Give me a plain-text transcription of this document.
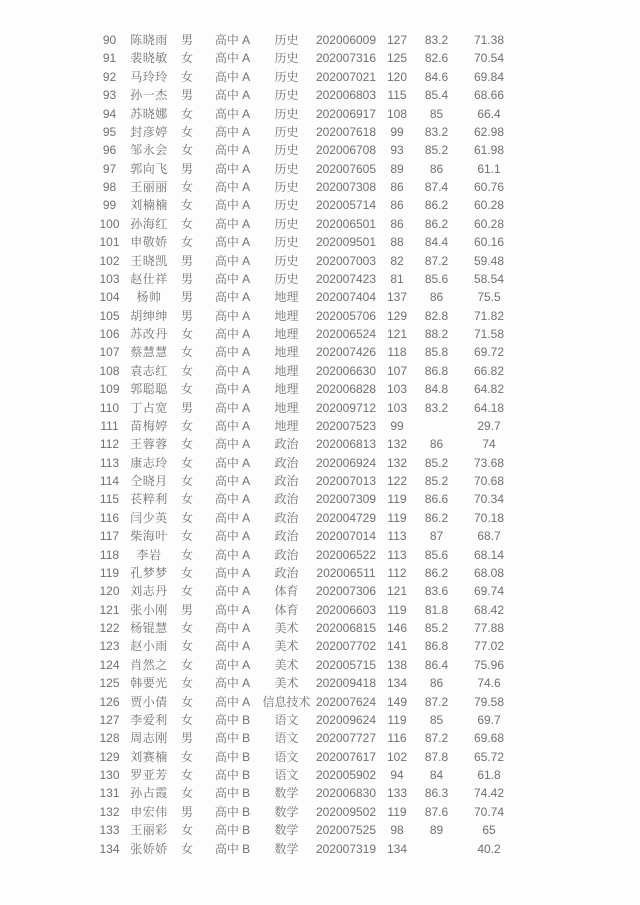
90	陈晓雨	男	高中 A	历史	202006009	127	83.2	71.38
91	裴晓敏	女	高中 A	历史	202007316	125	82.6	70.54
92	马玲玲	女	高中 A	历史	202007021	120	84.6	69.84
93	孙一杰	男	高中 A	历史	202006803	115	85.4	68.66
94	苏晓娜	女	高中 A	历史	202006917	108	85	66.4
95	封彦婷	女	高中 A	历史	202007618	99	83.2	62.98
96	邹永会	女	高中 A	历史	202006708	93	85.2	61.98
97	郭向飞	男	高中 A	历史	202007605	89	86	61.1
98	王丽丽	女	高中 A	历史	202007308	86	87.4	60.76
99	刘楠楠	女	高中 A	历史	202005714	86	86.2	60.28
100	孙海红	女	高中 A	历史	202006501	86	86.2	60.28
101	申敬娇	女	高中 A	历史	202009501	88	84.4	60.16
102	王晓凯	男	高中 A	历史	202007003	82	87.2	59.48
103	赵仕祥	男	高中 A	历史	202007423	81	85.6	58.54
104	杨帅	男	高中 A	地理	202007404	137	86	75.5
105	胡绅绅	男	高中 A	地理	202005706	129	82.8	71.82
106	苏改丹	女	高中 A	地理	202006524	121	88.2	71.58
107	蔡慧慧	女	高中 A	地理	202007426	118	85.8	69.72
108	袁志红	女	高中 A	地理	202006630	107	86.8	66.82
109	郭聪聪	女	高中 A	地理	202006828	103	84.8	64.82
110	丁占宽	男	高中 A	地理	202009712	103	83.2	64.18
111	苗梅婷	女	高中 A	地理	202007523	99		29.7
112	王蓉蓉	女	高中 A	政治	202006813	132	86	74
113	康志玲	女	高中 A	政治	202006924	132	85.2	73.68
114	仝晓月	女	高中 A	政治	202007013	122	85.2	70.68
115	苌粹利	女	高中 A	政治	202007309	119	86.6	70.34
116	闫少英	女	高中 A	政治	202004729	119	86.2	70.18
117	柴海叶	女	高中 A	政治	202007014	113	87	68.7
118	李岩	女	高中 A	政治	202006522	113	85.6	68.14
119	孔梦梦	女	高中 A	政治	202006511	112	86.2	68.08
120	刘志丹	女	高中 A	体育	202007306	121	83.6	69.74
121	张小刚	男	高中 A	体育	202006603	119	81.8	68.42
122	杨锟慧	女	高中 A	美术	202006815	146	85.2	77.88
123	赵小雨	女	高中 A	美术	202007702	141	86.8	77.02
124	肖然之	女	高中 A	美术	202005715	138	86.4	75.96
125	韩要光	女	高中 A	美术	202009418	134	86	74.6
126	贾小倩	女	高中 A	信息技术	202007624	149	87.2	79.58
127	李爱利	女	高中 B	语文	202009624	119	85	69.7
128	周志刚	男	高中 B	语文	202007727	116	87.2	69.68
129	刘赛楠	女	高中 B	语文	202007617	102	87.8	65.72
130	罗亚芳	女	高中 B	语文	202005902	94	84	61.8
131	孙占霞	女	高中 B	数学	202006830	133	86.3	74.42
132	申宏伟	男	高中 B	数学	202009502	119	87.6	70.74
133	王丽彩	女	高中 B	数学	202007525	98	89	65
134	张娇娇	女	高中 B	数学	202007319	134		40.2
